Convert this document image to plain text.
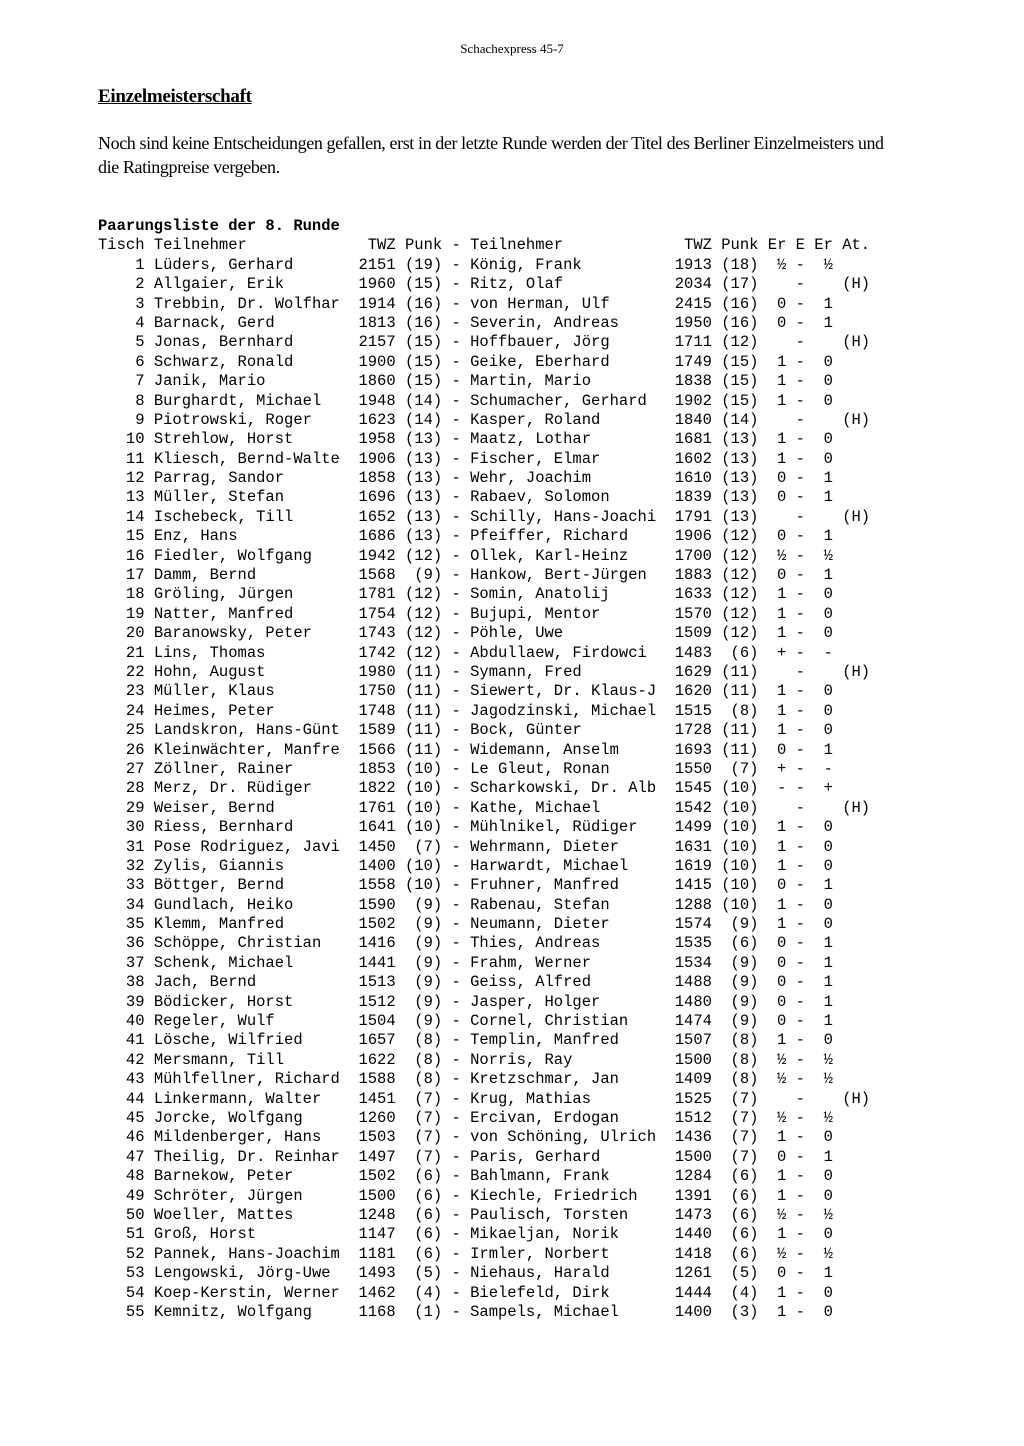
Schachexpress 45-7
Einzelmeisterschaft
Noch sind keine Entscheidungen gefallen, erst in der letzte Runde werden der Titel des Berliner Einzelmeisters und die Ratingpreise vergeben.
Paarungsliste der 8. Runde
Tisch Teilnehmer	TWZ Punk - Teilnehmer	TWZ Punk Er E Er At.
1 Lüders, Gerhard	2151 (19) - König, Frank	1913 (18) ½ - ½
2 Allgaier, Erik	1960 (15) - Ritz, Olaf	2034 (17) - (H)
3 Trebbin, Dr. Wolfhar 1914 (16) - von Herman, Ulf	2415 (16) 0 - 1
4 Barnack, Gerd	1813 (16) - Severin, Andreas	1950 (16) 0 - 1
5 Jonas, Bernhard	2157 (15) - Hoffbauer, Jörg	1711 (12) - (H)
6 Schwarz, Ronald	1900 (15) - Geike, Eberhard	1749 (15) 1 - 0
7 Janik, Mario	1860 (15) - Martin, Mario	1838 (15) 1 - 0
8 Burghardt, Michael 1948 (14) - Schumacher, Gerhard 1902 (15) 1 - 0
9 Piotrowski, Roger	1623 (14) - Kasper, Roland	1840 (14) - (H)
10 Strehlow, Horst	1958 (13) - Maatz, Lothar	1681 (13) 1 - 0
11 Kliesch, Bernd-Walte 1906 (13) - Fischer, Elmar	1602 (13) 1 - 0
12 Parrag, Sandor	1858 (13) - Wehr, Joachim	1610 (13) 0 - 1
13 Müller, Stefan	1696 (13) - Rabaev, Solomon	1839 (13) 0 - 1
14 Ischebeck, Till	1652 (13) - Schilly, Hans-Joachi 1791 (13) - (H)
15 Enz, Hans	1686 (13) - Pfeiffer, Richard	1906 (12) 0 - 1
16 Fiedler, Wolfgang	1942 (12) - Ollek, Karl-Heinz	1700 (12) ½ - ½
17 Damm, Bernd	1568  (9) - Hankow, Bert-Jürgen 1883 (12) 0 - 1
18 Gröling, Jürgen	1781 (12) - Somin, Anatolij	1633 (12) 1 - 0
19 Natter, Manfred	1754 (12) - Bujupi, Mentor	1570 (12) 1 - 0
20 Baranowsky, Peter	1743 (12) - Pöhle, Uwe	1509 (12) 1 - 0
21 Lins, Thomas	1742 (12) - Abdullaew, Firdowci 1483  (6) + - -
22 Hohn, August	1980 (11) - Symann, Fred	1629 (11) - (H)
23 Müller, Klaus	1750 (11) - Siewert, Dr. Klaus-J 1620 (11) 1 - 0
24 Heimes, Peter	1748 (11) - Jagodzinski, Michael 1515  (8) 1 - 0
25 Landskron, Hans-Günt 1589 (11) - Bock, Günter	1728 (11) 1 - 0
26 Kleinwächter, Manfre 1566 (11) - Widemann, Anselm	1693 (11) 0 - 1
27 Zöllner, Rainer	1853 (10) - Le Gleut, Ronan	1550  (7) + - -
28 Merz, Dr. Rüdiger	1822 (10) - Scharkowski, Dr. Alb 1545 (10) - - +
29 Weiser, Bernd	1761 (10) - Kathe, Michael	1542 (10) - (H)
30 Riess, Bernhard	1641 (10) - Mühlnikel, Rüdiger 1499 (10) 1 - 0
31 Pose Rodriguez, Javi 1450  (7) - Wehrmann, Dieter	1631 (10) 1 - 0
32 Zylis, Giannis	1400 (10) - Harwardt, Michael	1619 (10) 1 - 0
33 Böttger, Bernd	1558 (10) - Fruhner, Manfred	1415 (10) 0 - 1
34 Gundlach, Heiko	1590  (9) - Rabenau, Stefan	1288 (10) 1 - 0
35 Klemm, Manfred	1502  (9) - Neumann, Dieter	1574  (9) 1 - 0
36 Schöppe, Christian 1416  (9) - Thies, Andreas	1535  (6) 0 - 1
37 Schenk, Michael	1441  (9) - Frahm, Werner	1534  (9) 0 - 1
38 Jach, Bernd	1513  (9) - Geiss, Alfred	1488  (9) 0 - 1
39 Bödicker, Horst	1512  (9) - Jasper, Holger	1480  (9) 0 - 1
40 Regeler, Wulf	1504  (9) - Cornel, Christian	1474  (9) 0 - 1
41 Lösche, Wilfried	1657  (8) - Templin, Manfred	1507  (8) 1 - 0
42 Mersmann, Till	1622  (8) - Norris, Ray	1500  (8) ½ - ½
43 Mühlfellner, Richard 1588  (8) - Kretzschmar, Jan	1409  (8) ½ - ½
44 Linkermann, Walter 1451  (7) - Krug, Mathias	1525  (7) - (H)
45 Jorcke, Wolfgang	1260  (7) - Ercivan, Erdogan	1512  (7) ½ - ½
46 Mildenberger, Hans 1503  (7) - von Schöning, Ulrich 1436  (7) 1 - 0
47 Theilig, Dr. Reinhar 1497  (7) - Paris, Gerhard	1500  (7) 0 - 1
48 Barnekow, Peter	1502  (6) - Bahlmann, Frank	1284  (6) 1 - 0
49 Schröter, Jürgen	1500  (6) - Kiechle, Friedrich 1391  (6) 1 - 0
50 Woeller, Mattes	1248  (6) - Paulisch, Torsten	1473  (6) ½ - ½
51 Groß, Horst	1147  (6) - Mikaeljan, Norik	1440  (6) 1 - 0
52 Pannek, Hans-Joachim 1181  (6) - Irmler, Norbert	1418  (6) ½ - ½
53 Lengowski, Jörg-Uwe 1493  (5) - Niehaus, Harald	1261  (5) 0 - 1
54 Koep-Kerstin, Werner 1462  (4) - Bielefeld, Dirk	1444  (4) 1 - 0
55 Kemnitz, Wolfgang	1168  (1) - Sampels, Michael	1400  (3) 1 - 0
